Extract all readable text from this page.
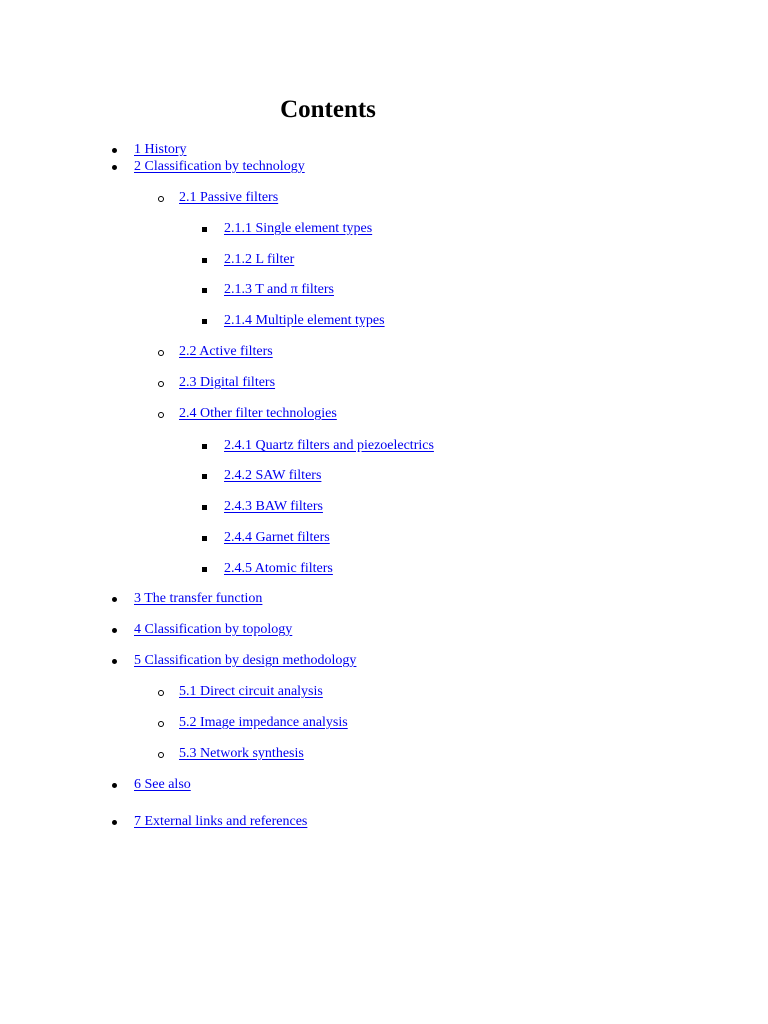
Contents
1 History
2 Classification by technology
2.1 Passive filters
2.1.1 Single element types
2.1.2 L filter
2.1.3 T and π filters
2.1.4 Multiple element types
2.2 Active filters
2.3 Digital filters
2.4 Other filter technologies
2.4.1 Quartz filters and piezoelectrics
2.4.2 SAW filters
2.4.3 BAW filters
2.4.4 Garnet filters
2.4.5 Atomic filters
3 The transfer function
4 Classification by topology
5 Classification by design methodology
5.1 Direct circuit analysis
5.2 Image impedance analysis
5.3 Network synthesis
6 See also
7 External links and references
